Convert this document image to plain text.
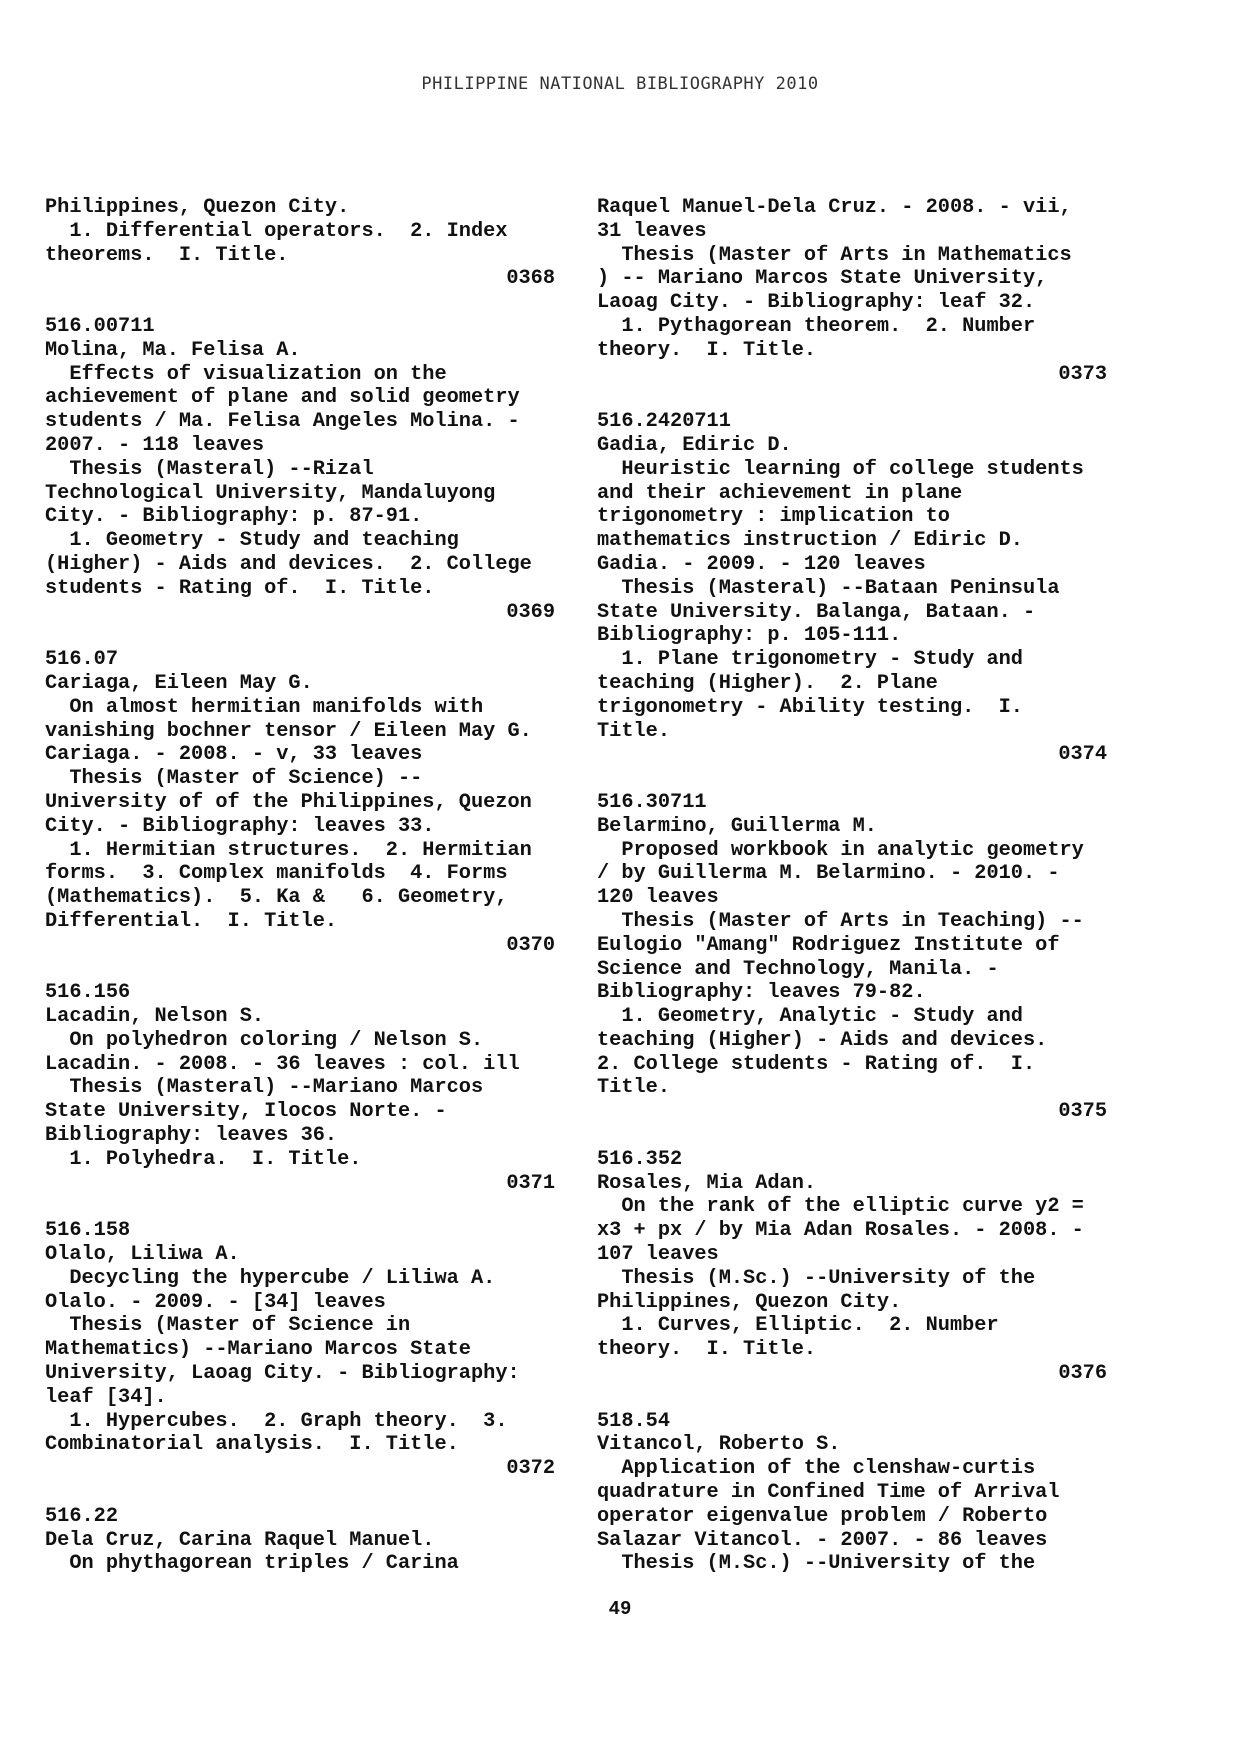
PHILIPPINE NATIONAL BIBLIOGRAPHY 2010
Philippines, Quezon City.
1. Differential operators.  2. Index
theorems.  I. Title.
0368
516.00711
Molina, Ma. Felisa A.
Effects of visualization on the
achievement of plane and solid geometry
students / Ma. Felisa Angeles Molina. -
2007. - 118 leaves
Thesis (Masteral) --Rizal
Technological University, Mandaluyong
City. - Bibliography: p. 87-91.
1. Geometry - Study and teaching
(Higher) - Aids and devices.  2. College
students - Rating of.  I. Title.
0369
516.07
Cariaga, Eileen May G.
On almost hermitian manifolds with
vanishing bochner tensor / Eileen May G.
Cariaga. - 2008. - v, 33 leaves
Thesis (Master of Science) --
University of of the Philippines, Quezon
City. - Bibliography: leaves 33.
1. Hermitian structures.  2. Hermitian
forms.  3. Complex manifolds  4. Forms
(Mathematics).  5. Ka &   6. Geometry,
Differential.  I. Title.
0370
516.156
Lacadin, Nelson S.
On polyhedron coloring / Nelson S.
Lacadin. - 2008. - 36 leaves : col. ill
Thesis (Masteral) --Mariano Marcos
State University, Ilocos Norte. -
Bibliography: leaves 36.
1. Polyhedra.  I. Title.
0371
516.158
Olalo, Liliwa A.
Decycling the hypercube / Liliwa A.
Olalo. - 2009. - [34] leaves
Thesis (Master of Science in
Mathematics) --Mariano Marcos State
University, Laoag City. - Bibliography:
leaf [34].
1. Hypercubes.  2. Graph theory.  3.
Combinatorial analysis.  I. Title.
0372
516.22
Dela Cruz, Carina Raquel Manuel.
On phythagorean triples / Carina
Raquel Manuel-Dela Cruz. - 2008. - vii,
31 leaves
Thesis (Master of Arts in Mathematics
) -- Mariano Marcos State University,
Laoag City. - Bibliography: leaf 32.
1. Pythagorean theorem.  2. Number
theory.  I. Title.
0373
516.2420711
Gadia, Ediric D.
Heuristic learning of college students
and their achievement in plane
trigonometry : implication to
mathematics instruction / Ediric D.
Gadia. - 2009. - 120 leaves
Thesis (Masteral) --Bataan Peninsula
State University. Balanga, Bataan. -
Bibliography: p. 105-111.
1. Plane trigonometry - Study and
teaching (Higher).  2. Plane
trigonometry - Ability testing.  I.
Title.
0374
516.30711
Belarmino, Guillerma M.
Proposed workbook in analytic geometry
/ by Guillerma M. Belarmino. - 2010. -
120 leaves
Thesis (Master of Arts in Teaching) --
Eulogio "Amang" Rodriguez Institute of
Science and Technology, Manila. -
Bibliography: leaves 79-82.
1. Geometry, Analytic - Study and
teaching (Higher) - Aids and devices.
2. College students - Rating of.  I.
Title.
0375
516.352
Rosales, Mia Adan.
On the rank of the elliptic curve y2 =
x3 + px / by Mia Adan Rosales. - 2008. -
107 leaves
Thesis (M.Sc.) --University of the
Philippines, Quezon City.
1. Curves, Elliptic.  2. Number
theory.  I. Title.
0376
518.54
Vitancol, Roberto S.
Application of the clenshaw-curtis
quadrature in Confined Time of Arrival
operator eigenvalue problem / Roberto
Salazar Vitancol. - 2007. - 86 leaves
Thesis (M.Sc.) --University of the
49
